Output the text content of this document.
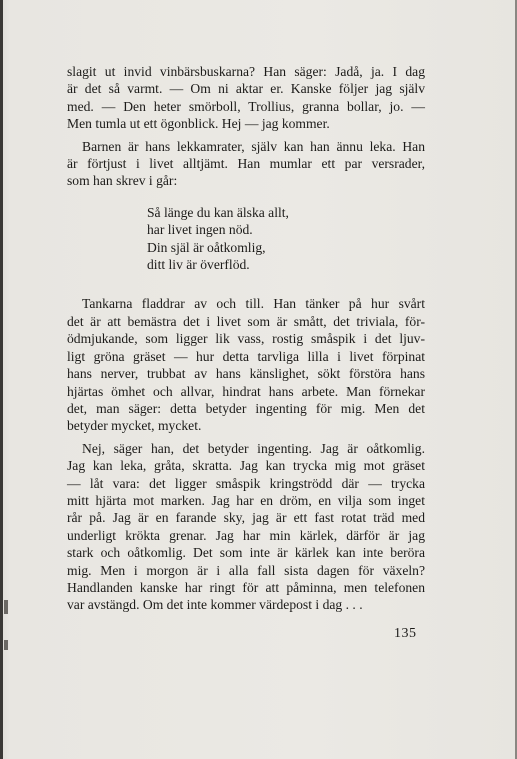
slagit ut invid vinbärsbuskarna? Han säger: Jadå, ja. I dag
är det så varmt. — Om ni aktar er. Kanske följer jag själv
med. — Den heter smörboll, Trollius, granna bollar, jo. —
Men tumla ut ett ögonblick. Hej — jag kommer.

Barnen är hans lekkamrater, själv kan han ännu leka. Han
är förtjust i livet alltjämt. Han mumlar ett par versrader,
som han skrev i går:

Så länge du kan älska allt,
har livet ingen nöd.
Din själ är oåtkomlig,
ditt liv är överflöd.

Tankarna fladdrar av och till. Han tänker på hur svårt
det är att bemästra det i livet som är smått, det triviala, för-
ödmjukande, som ligger lik vass, rostig småspik i det ljuv-
ligt gröna gräset — hur detta tarvliga lilla i livet förpinat
hans nerver, trubbat av hans känslighet, sökt förstöra hans
hjärtas ömhet och allvar, hindrat hans arbete. Man förnekar
det, man säger: detta betyder ingenting för mig. Men det
betyder mycket, mycket.

Nej, säger han, det betyder ingenting. Jag är oåtkomlig.
Jag kan leka, gråta, skratta. Jag kan trycka mig mot gräset
— låt vara: det ligger småspik kringströdd där — trycka
mitt hjärta mot marken. Jag har en dröm, en vilja som inget
rår på. Jag är en farande sky, jag är ett fast rotat träd med
underligt krökta grenar. Jag har min kärlek, därför är jag
stark och oåtkomlig. Det som inte är kärlek kan inte beröra
mig. Men i morgon är i alla fall sista dagen för växeln?
Handlanden kanske har ringt för att påminna, men telefonen
var avstängd. Om det inte kommer värdepost i dag . . .

135
